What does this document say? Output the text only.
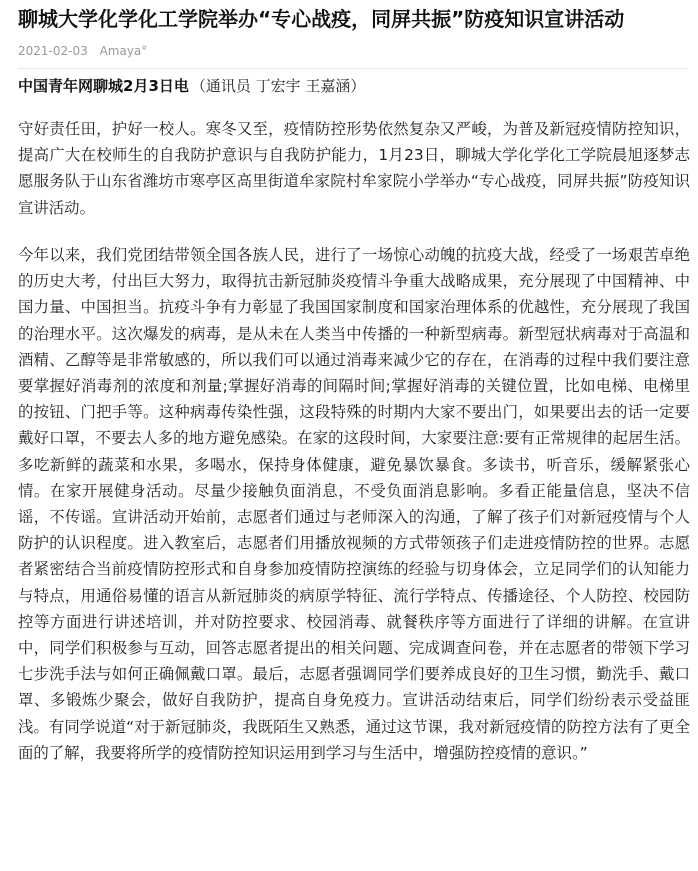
聊城大学化学化工学院举办“专心战疫，同屏共振”防疫知识宣讲活动
2021-02-03 Amaya°
中国青年网聊城2月3日电 （通讯员 丁宏宇 王嘉涵）

守好责任田，护好一校人。寒冬又至，疫情防控形势依然复杂又严峻，为普及新冠疫情防控知识，提高广大在校师生的自我防护意识与自我防护能力，1月23日，聊城大学化学化工学院晨旭逐梦志愿服务队于山东省潍坊市寒亭区高里街道牟家院村牟家院小学举办“专心战疫，同屏共振”防疫知识宣讲活动。

今年以来，我们党团结带领全国各族人民，进行了一场惊心动魄的抗疫大战，经受了一场艰苦卓绝的历史大考，付出巨大努力，取得抗击新冠肺炎疫情斗争重大战略成果，充分展现了中国精神、中国力量、中国担当。抗疫斗争有力彰显了我国国家制度和国家治理体系的优越性，充分展现了我国的治理水平。这次爆发的病毒，是从未在人类当中传播的一种新型病毒。新型冠状病毒对于高温和酒精、乙醇等是非常敏感的，所以我们可以通过消毒来减少它的存在，在消毒的过程中我们要注意要掌握好消毒剂的浓度和剂量;掌握好消毒的间隔时间;掌握好消毒的关键位置，比如电梯、电梯里的按钮、门把手等。这种病毒传染性强，这段特殊的时期内大家不要出门，如果要出去的话一定要 戴好口罩，不要去人多的地方避免感染。在家的这段时间，大家要注意:要有正常规律的起居生活。多吃新鲜的蔬菜和水果，多喝水，保持身体健康，避免暴饮暴食。多读书，听音乐，缓解紧张心情。在家开展健身活动。尽量少接触负面消息，不受负面消息影响。多看正能量信息，坚决不信谣，不传谣。宣讲活动开始前，志愿者们通过与老师深入的沟通，了解了孩子们对新冠疫情与个人防护的认识程度。进入教室后，志愿者们用播放视频的方式带领孩子们走进疫情防控的世界。志愿者紧密结合当前疫情防控形式和自身参加疫情防控演练的经验与切身体会，立足同学们的认知能力与特点，用通俗易懂的语言从新冠肺炎的病原学特征、流行学特点、传播途径、个人防控、校园防控等方面进行讲述培训，并对防控要求、校园消毒、就餐秩序等方面进行了详细的讲解。在宣讲中，同学们积极参与互动，回答志愿者提出的相关问题、完成调查问卷，并在志愿者的带领下学习七步洗手法与如何正确佩戴口罩。最后，志愿者强调同学们要养成良好的卫生习惯，勤洗手、戴口罩、多锻炼少聚会，做好自我防护，提高自身免疫力。宣讲活动结束后，同学们纷纷表示受益匪浅。有同学说道“对于新冠肺炎，我既陌生又熟悉，通过这节课，我对新冠疫情的防控方法有了更全面的了解，我要将所学的疫情防控知识运用到学习与生活中，增强防控疫情的意识。”
